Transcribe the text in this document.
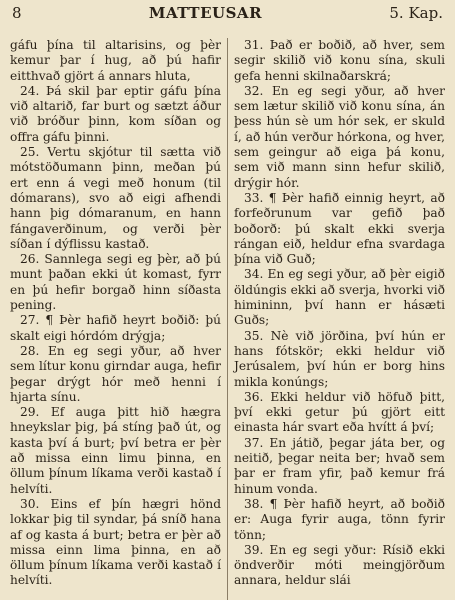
8	MATTEUSAR	5. Kap.

gáfu þína til altarisins, og þèr kemur þar í hug, að þú hafir eitthvað gjört á annars hluta,

24. Þá skil þar eptir gáfu þína við altarið, far burt og sætzt áður við bróður þinn, kom síðan og offra gáfu þinni.

25. Vertu skjótur til sætta við mótstöðumann þinn, meðan þú ert enn á vegi með honum (til dómarans), svo að eigi afhendi hann þig dómaranum, en hann fángaverðinum, og verði þèr síðan í dýflissu kastað.

26. Sannlega segi eg þèr, að þú munt þaðan ekki út komast, fyrr en þú hefir borgað hinn síðasta pening.

27. ¶ Þèr hafið heyrt boðið: þú skalt eigi hórdóm drýgja;

28. En eg segi yður, að hver sem lítur konu girndar auga, hefir þegar drýgt hór með henni í hjarta sínu.

29. Ef auga þitt hið hægra hneykslar þig, þá stíng það út, og kasta því á burt; því betra er þèr að missa einn limu þinna, en öllum þínum líkama verði kastað í helvíti.

30. Eins ef þín hægri hönd lokkar þig til syndar, þá sníð hana af og kasta á burt; betra er þèr að missa einn lima þinna, en að öllum þínum líkama verði kastað í helvíti.

31. Það er boðið, að hver, sem segir skilið við konu sína, skuli gefa henni skilnaðarskrá;

32. En eg segi yður, að hver sem lætur skilið við konu sína, án þess hún sè um hór sek, er skuld í, að hún verður hórkona, og hver, sem geingur að eiga þá konu, sem við mann sinn hefur skilið, drýgir hór.

33. ¶ Þèr hafið einnig heyrt, að forfeðrunum var gefið það boðorð: þú skalt ekki sverja rángan eið, heldur efna svardaga þína við Guð;

34. En eg segi yður, að þèr eigið öldúngis ekki að sverja, hvorki við himininn, því hann er hásæti Guðs;

35. Nè við jörðina, því hún er hans fótskör; ekki heldur við Jerúsalem, því hún er borg hins mikla konúngs;

36. Ekki heldur við höfuð þitt, því ekki getur þú gjört eitt einasta hár svart eða hvítt á því;

37. En játið, þegar játa ber, og neitið, þegar neita ber; hvað sem þar er fram yfir, það kemur frá hinum vonda.

38. ¶ Þèr hafið heyrt, að boðið er: Auga fyrir auga, tönn fyrir tönn;

39. En eg segi yður: Rísið ekki öndverðir móti meingjörðum annara, heldur slái
